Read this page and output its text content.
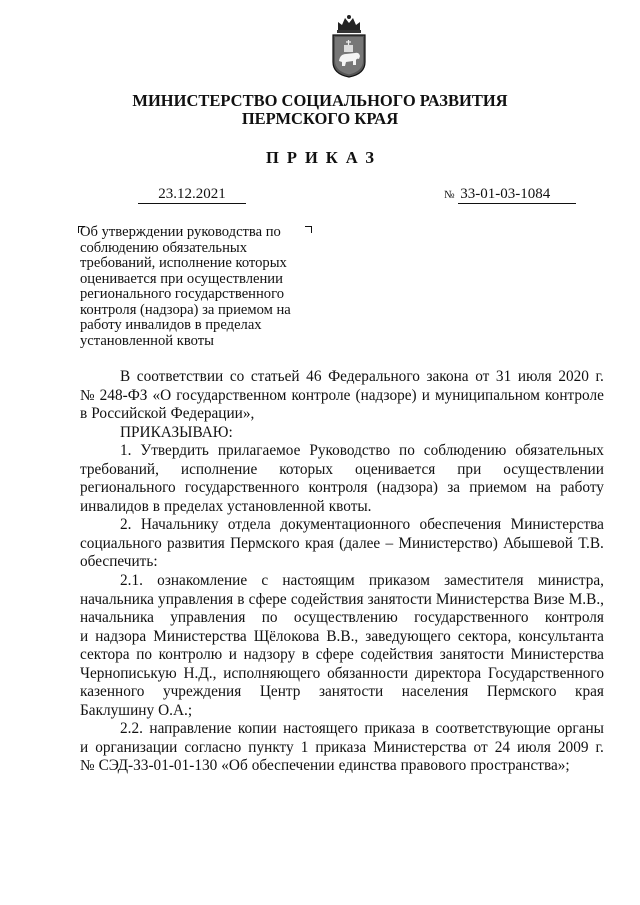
МИНИСТЕРСТВО СОЦИАЛЬНОГО РАЗВИТИЯ
ПЕРМСКОГО КРАЯ
ПРИКАЗ
23.12.2021	№ 33-01-03-1084
Об утверждении руководства по
соблюдению обязательных
требований, исполнение которых
оценивается при осуществлении
регионального государственного
контроля (надзора) за приемом на
работу инвалидов в пределах
установленной квоты
В соответствии со статьей 46 Федерального закона от 31 июля 2020 г.
№ 248-ФЗ «О государственном контроле (надзоре) и муниципальном контроле
в Российской Федерации»,
ПРИКАЗЫВАЮ:
1. Утвердить прилагаемое Руководство по соблюдению обязательных
требований, исполнение которых оценивается при осуществлении
регионального государственного контроля (надзора) за приемом на работу
инвалидов в пределах установленной квоты.
2. Начальнику отдела документационного обеспечения Министерства
социального развития Пермского края (далее – Министерство) Абышевой Т.В.
обеспечить:
2.1. ознакомление с настоящим приказом заместителя министра,
начальника управления в сфере содействия занятости Министерства Визе М.В.,
начальника управления по осуществлению государственного контроля
и надзора Министерства Щёлокова В.В., заведующего сектора, консультанта
сектора по контролю и надзору в сфере содействия занятости Министерства
Чернописькую Н.Д., исполняющего обязанности директора Государственного
казенного учреждения Центр занятости населения Пермского края
Баклушину О.А.;
2.2. направление копии настоящего приказа в соответствующие органы
и организации согласно пункту 1 приказа Министерства от 24 июля 2009 г.
№ СЭД-33-01-01-130 «Об обеспечении единства правового пространства»;
